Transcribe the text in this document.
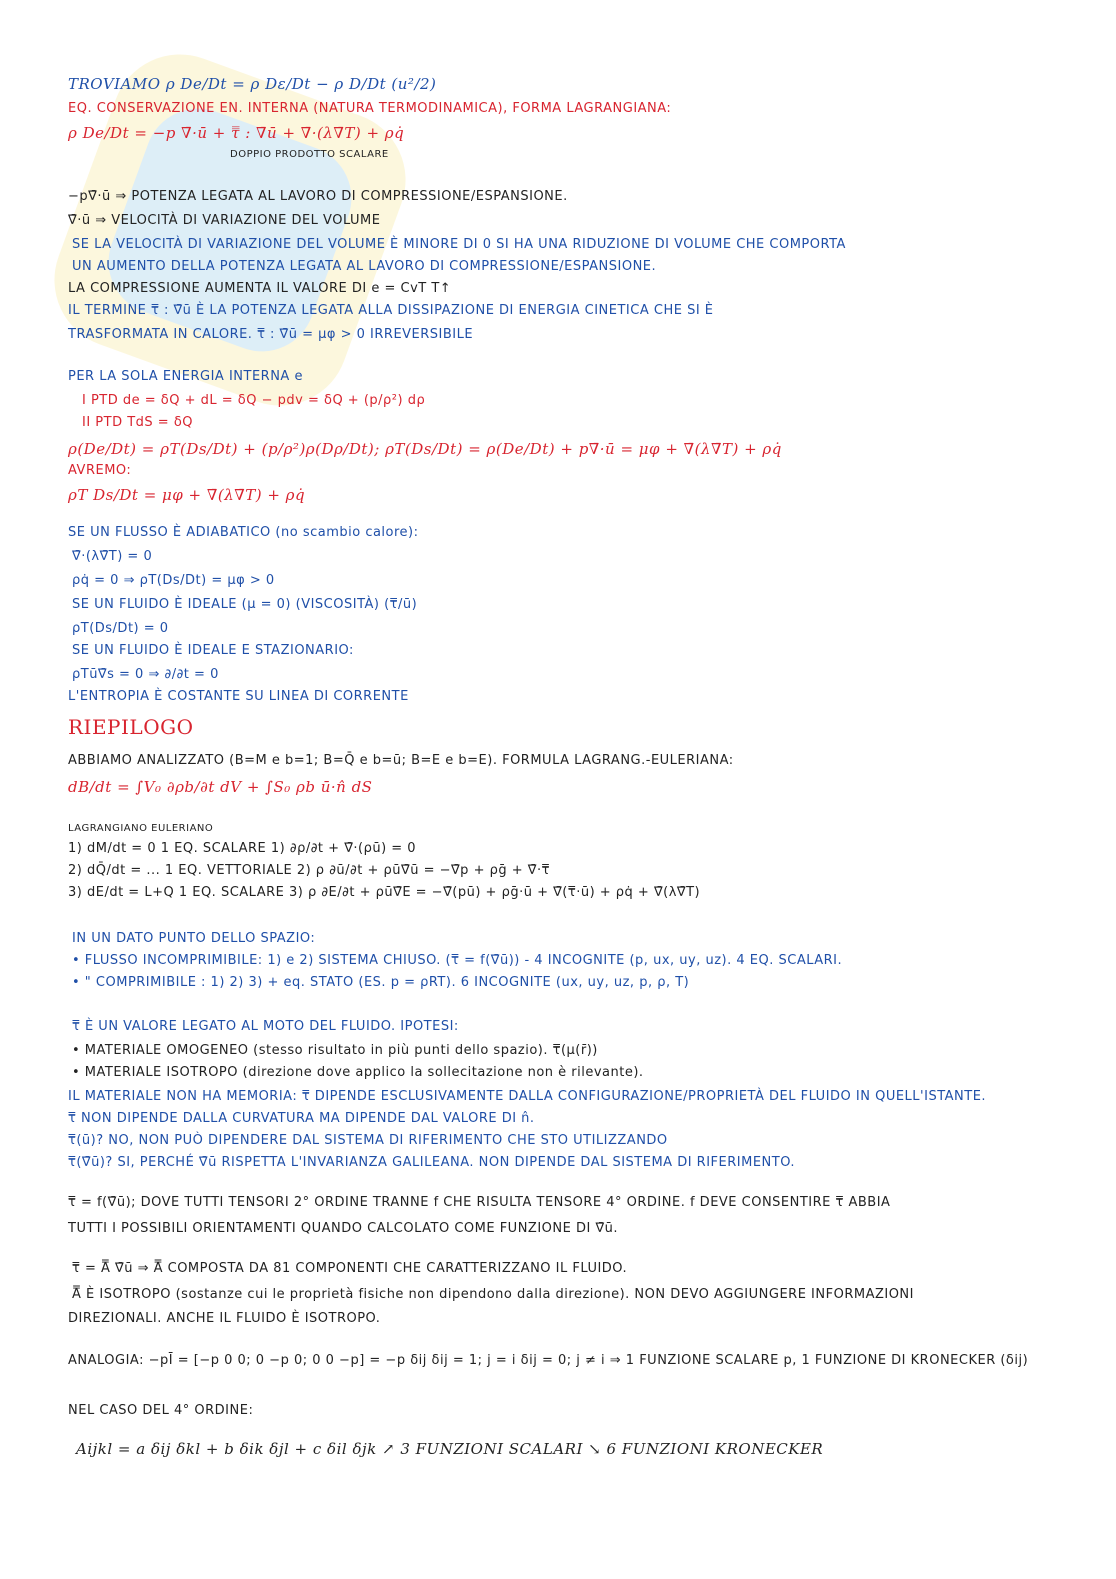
TROVIAMO ρ De/Dt = ρ Dε/Dt − ρ D/Dt (u²/2)
EQ. CONSERVAZIONE EN. INTERNA (NATURA TERMODINAMICA), FORMA LAGRANGIANA:
ρ De/Dt = −p ∇̄·ū + τ̿ : ∇̄ū + ∇̄·(λ∇̄T) + ρq̇
DOPPIO PRODOTTO SCALARE
−p∇̄·ū ⇒ POTENZA LEGATA AL LAVORO DI COMPRESSIONE/ESPANSIONE.
∇̄·ū ⇒ VELOCITÀ DI VARIAZIONE DEL VOLUME
SE LA VELOCITÀ DI VARIAZIONE DEL VOLUME È MINORE DI 0 SI HA UNA RIDUZIONE DI VOLUME CHE COMPORTA
UN AUMENTO DELLA POTENZA LEGATA AL LAVORO DI COMPRESSIONE/ESPANSIONE.
LA COMPRESSIONE AUMENTA IL VALORE DI e = CvT T↑
IL TERMINE τ̿ : ∇̄ū È LA POTENZA LEGATA ALLA DISSIPAZIONE DI ENERGIA CINETICA CHE SI È
TRASFORMATA IN CALORE. τ̿ : ∇̄ū = μφ > 0 IRREVERSIBILE
PER LA SOLA ENERGIA INTERNA e
I PTD de = δQ + dL = δQ − pdv = δQ + (p/ρ²) dρ
II PTD TdS = δQ
ρ(De/Dt) = ρT(Ds/Dt) + (p/ρ²)ρ(Dρ/Dt); ρT(Ds/Dt) = ρ(De/Dt) + p∇̄·ū = μφ + ∇̄(λ∇̄T) + ρq̇
AVREMO:
ρT Ds/Dt = μφ + ∇̄(λ∇̄T) + ρq̇
SE UN FLUSSO È ADIABATICO (no scambio calore):
∇̄·(λ∇̄T) = 0
ρq̇ = 0 ⇒ ρT(Ds/Dt) = μφ > 0
SE UN FLUIDO È IDEALE (μ = 0) (VISCOSITÀ) (τ̿/ū)
ρT(Ds/Dt) = 0
SE UN FLUIDO È IDEALE E STAZIONARIO:
ρTū∇̄s = 0 ⇒ ∂/∂t = 0
L'ENTROPIA È COSTANTE SU LINEA DI CORRENTE
RIEPILOGO
ABBIAMO ANALIZZATO (B=M e b=1; B=Q̄ e b=ū; B=E e b=E). FORMULA LAGRANG.-EULERIANA:
dB/dt = ∫V₀ ∂ρb/∂t dV + ∫S₀ ρb ū·n̂ dS
LAGRANGIANO EULERIANO
1) dM/dt = 0 1 EQ. SCALARE 1) ∂ρ/∂t + ∇̄·(ρū) = 0
2) dQ̄/dt = ... 1 EQ. VETTORIALE 2) ρ ∂ū/∂t + ρū∇̄ū = −∇̄p + ρḡ + ∇̄·τ̿
3) dE/dt = L+Q 1 EQ. SCALARE 3) ρ ∂E/∂t + ρū∇̄E = −∇̄(pū) + ρḡ·ū + ∇̄(τ̿·ū) + ρq̇ + ∇̄(λ∇̄T)
IN UN DATO PUNTO DELLO SPAZIO:
• FLUSSO INCOMPRIMIBILE: 1) e 2) SISTEMA CHIUSO. (τ̿ = f(∇̄ū)) - 4 INCOGNITE (p, ux, uy, uz). 4 EQ. SCALARI.
• " COMPRIMIBILE : 1) 2) 3) + eq. STATO (ES. p = ρRT). 6 INCOGNITE (ux, uy, uz, p, ρ, T)
τ̿ È UN VALORE LEGATO AL MOTO DEL FLUIDO. IPOTESI:
• MATERIALE OMOGENEO (stesso risultato in più punti dello spazio). τ̿(μ(r̄))
• MATERIALE ISOTROPO (direzione dove applico la sollecitazione non è rilevante).
IL MATERIALE NON HA MEMORIA: τ̿ DIPENDE ESCLUSIVAMENTE DALLA CONFIGURAZIONE/PROPRIETÀ DEL FLUIDO IN QUELL'ISTANTE.
τ̿ NON DIPENDE DALLA CURVATURA MA DIPENDE DAL VALORE DI n̂.
τ̿(ū)? NO, NON PUÒ DIPENDERE DAL SISTEMA DI RIFERIMENTO CHE STO UTILIZZANDO
τ̿(∇̄ū)? SI, PERCHÉ ∇̄ū RISPETTA L'INVARIANZA GALILEANA. NON DIPENDE DAL SISTEMA DI RIFERIMENTO.
τ̿ = f(∇̄ū); DOVE TUTTI TENSORI 2° ORDINE TRANNE f CHE RISULTA TENSORE 4° ORDINE. f DEVE CONSENTIRE τ̿ ABBIA
TUTTI I POSSIBILI ORIENTAMENTI QUANDO CALCOLATO COME FUNZIONE DI ∇̄ū.
τ̿ = A̿ ∇̄ū ⇒ A̿ COMPOSTA DA 81 COMPONENTI CHE CARATTERIZZANO IL FLUIDO.
A̿ È ISOTROPO (sostanze cui le proprietà fisiche non dipendono dalla direzione). NON DEVO AGGIUNGERE INFORMAZIONI
DIREZIONALI. ANCHE IL FLUIDO È ISOTROPO.
ANALOGIA: −pĪ = [−p 0 0; 0 −p 0; 0 0 −p] = −p δij δij = 1; j = i δij = 0; j ≠ i ⇒ 1 FUNZIONE SCALARE p, 1 FUNZIONE DI KRONECKER (δij)
NEL CASO DEL 4° ORDINE:
Aijkl = a δij δkl + b δik δjl + c δil δjk ↗ 3 FUNZIONI SCALARI ↘ 6 FUNZIONI KRONECKER
